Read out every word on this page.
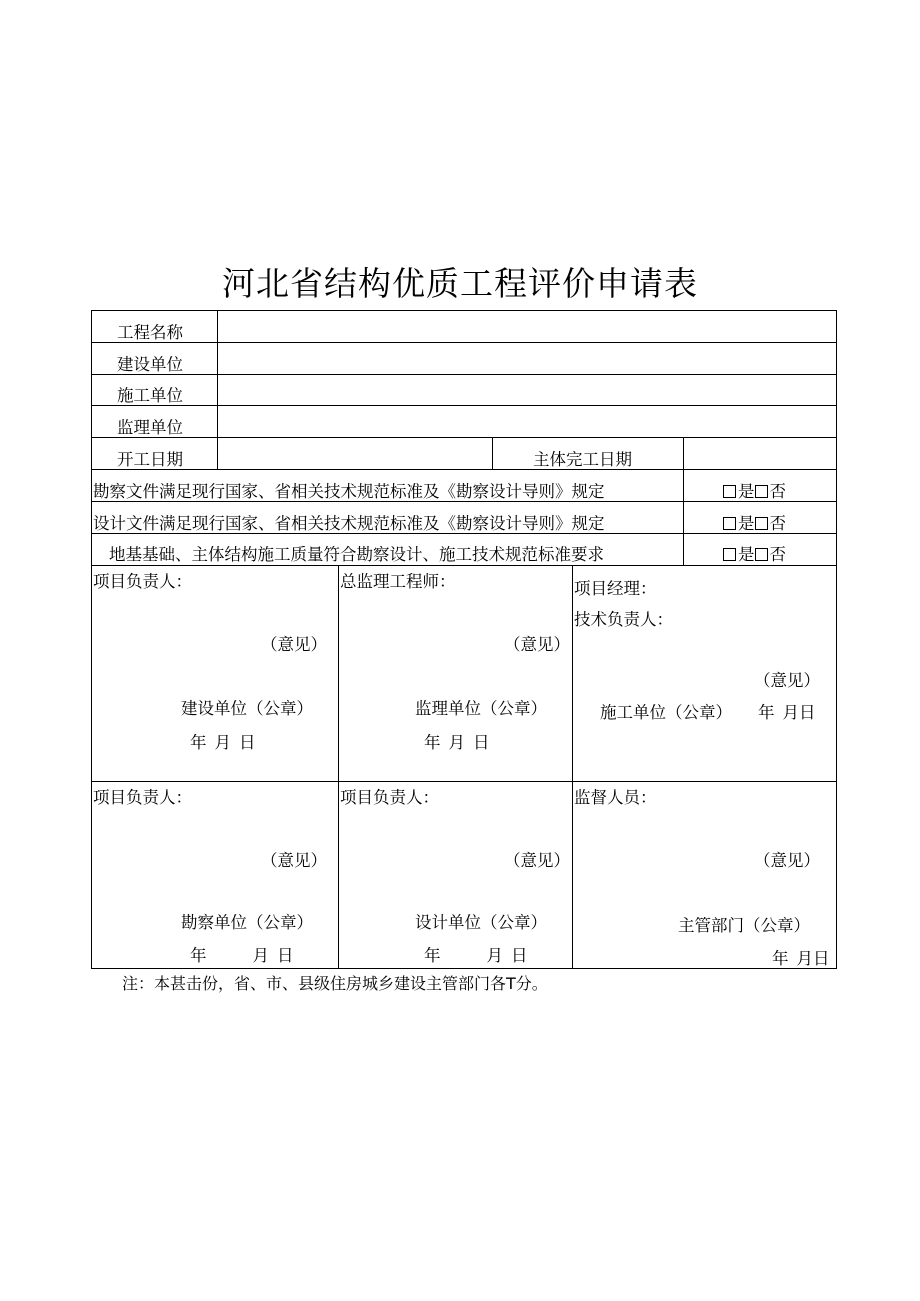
河北省结构优质工程评价申请表
工程名称
建设单位
施工单位
监理单位
开工日期	主体完工日期
勘察文件满足现行国家、省相关技术规范标准及《勘察设计导则》规定	是 否
设计文件满足现行国家、省相关技术规范标准及《勘察设计导则》规定	是 否
地基基础、主体结构施工质量符合勘察设计、施工技术规范标准要求	是 否
项目负责人：
（意见）
建设单位（公章）
年 月 日
总监理工程师：
（意见）
监理单位（公章）
年 月 日
项目经理：
技术负责人：
（意见）
施工单位（公章） 年 月日
项目负责人：
（意见）
勘察单位（公章）
年	月 日
项目负责人：
（意见）
设计单位（公章）
年	月 日
监督人员：
（意见）
主管部门（公章）
年 月日
注：本甚击份，省、市、县级住房城乡建设主管部门各T分。
